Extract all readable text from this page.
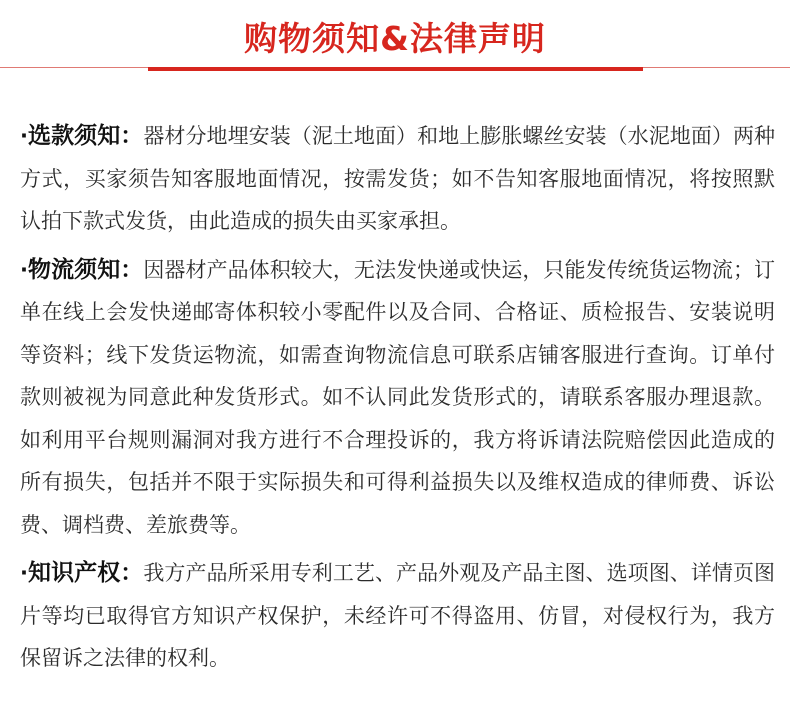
购物须知&法律声明

·选款须知：器材分地埋安装（泥土地面）和地上膨胀螺丝安装（水泥地面）两种方式，买家须告知客服地面情况，按需发货；如不告知客服地面情况，将按照默认拍下款式发货，由此造成的损失由买家承担。

·物流须知：因器材产品体积较大，无法发快递或快运，只能发传统货运物流；订单在线上会发快递邮寄体积较小零配件以及合同、合格证、质检报告、安装说明等资料；线下发货运物流，如需查询物流信息可联系店铺客服进行查询。订单付款则被视为同意此种发货形式。如不认同此发货形式的，请联系客服办理退款。如利用平台规则漏洞对我方进行不合理投诉的，我方将诉请法院赔偿因此造成的所有损失，包括并不限于实际损失和可得利益损失以及维权造成的律师费、诉讼费、调档费、差旅费等。

·知识产权：我方产品所采用专利工艺、产品外观及产品主图、选项图、详情页图片等均已取得官方知识产权保护，未经许可不得盗用、仿冒，对侵权行为，我方保留诉之法律的权利。
